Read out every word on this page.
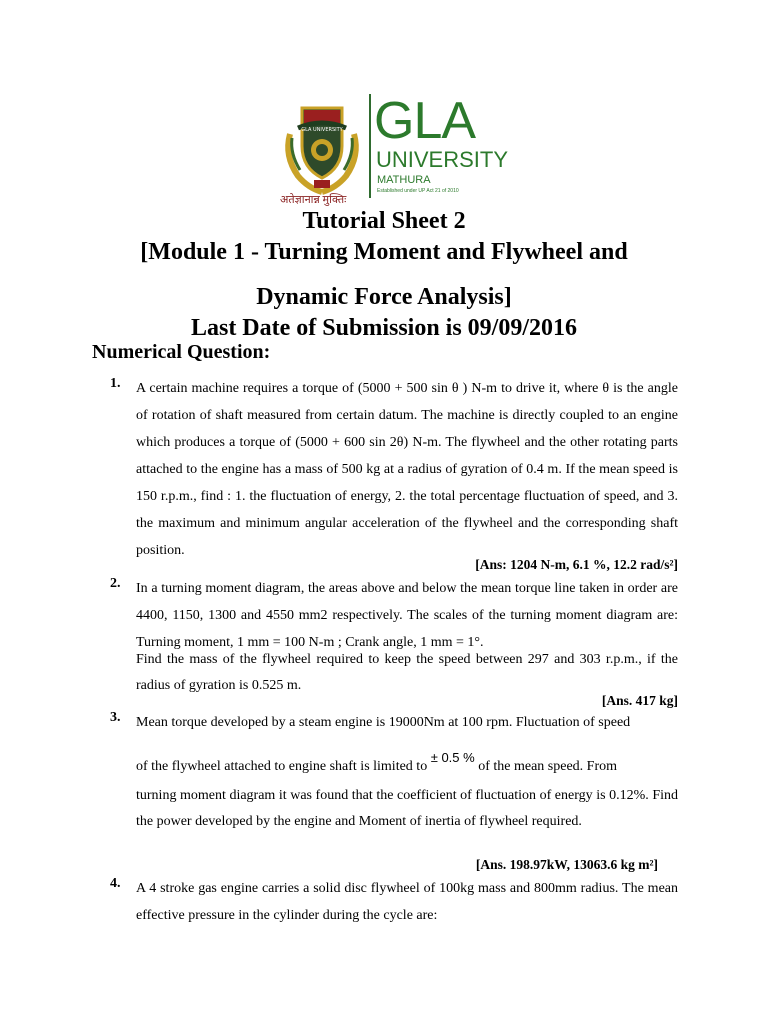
GLA UNIVERSITY GLA
UNIVERSITY
MATHURA
Established under UP Act 21 of 2010
अतेज्ञानान्न मुक्तिः
Tutorial Sheet 2
[Module 1 - Turning Moment and Flywheel and
Dynamic Force Analysis]
Last Date of Submission is 09/09/2016
Numerical Question:
1. A certain machine requires a torque of (5000 + 500 sin θ ) N-m to drive it, where θ is the angle of rotation of shaft measured from certain datum. The machine is directly coupled to an engine which produces a torque of (5000 + 600 sin 2θ) N-m. The flywheel and the other rotating parts attached to the engine has a mass of 500 kg at a radius of gyration of 0.4 m. If the mean speed is 150 r.p.m., find : 1. the fluctuation of energy, 2. the total percentage fluctuation of speed, and 3. the maximum and minimum angular acceleration of the flywheel and the corresponding shaft position.
[Ans: 1204 N-m, 6.1 %, 12.2 rad/s²]
2. In a turning moment diagram, the areas above and below the mean torque line taken in order are 4400, 1150, 1300 and 4550 mm2 respectively. The scales of the turning moment diagram are: Turning moment, 1 mm = 100 N-m ; Crank angle, 1 mm = 1°.
Find the mass of the flywheel required to keep the speed between 297 and 303 r.p.m., if the radius of gyration is 0.525 m.
[Ans. 417 kg]
3. Mean torque developed by a steam engine is 19000Nm at 100 rpm. Fluctuation of speed
of the flywheel attached to engine shaft is limited to ± 0.5 % of the mean speed. From
turning moment diagram it was found that the coefficient of fluctuation of energy is 0.12%. Find the power developed by the engine and Moment of inertia of flywheel required.
[Ans. 198.97kW, 13063.6 kg m²]
4. A 4 stroke gas engine carries a solid disc flywheel of 100kg mass and 800mm radius. The mean effective pressure in the cylinder during the cycle are:
